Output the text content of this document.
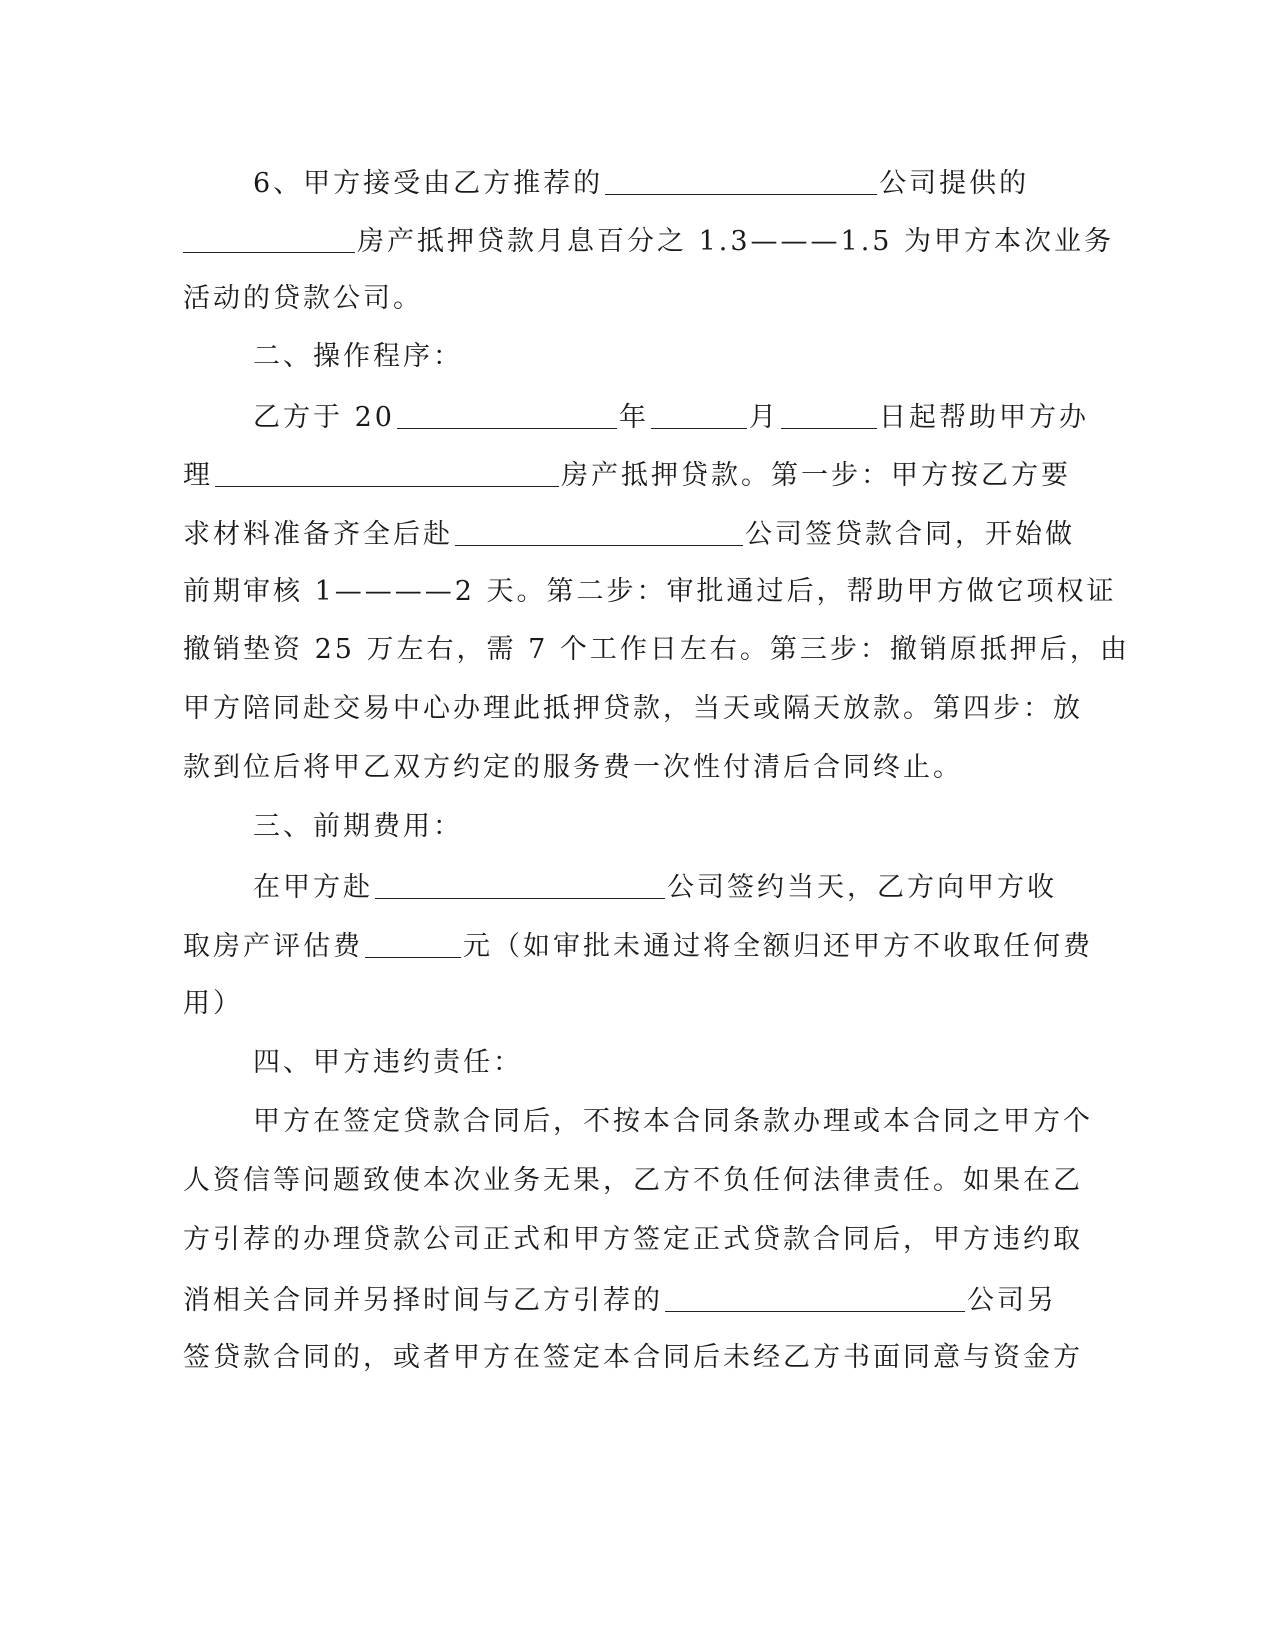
6、甲方接受由乙方推荐的	公司提供的
房产抵押贷款月息百分之 1.3———1.5 为甲方本次业务
活动的贷款公司。
二、操作程序：
乙方于 20	年	月	日起帮助甲方办
理	房产抵押贷款。第一步：甲方按乙方要
求材料准备齐全后赴	公司签贷款合同，开始做
前期审核 1————2 天。第二步：审批通过后，帮助甲方做它项权证
撤销垫资 25 万左右，需 7 个工作日左右。第三步：撤销原抵押后，由
甲方陪同赴交易中心办理此抵押贷款，当天或隔天放款。第四步：放
款到位后将甲乙双方约定的服务费一次性付清后合同终止。
三、前期费用：
在甲方赴	公司签约当天，乙方向甲方收
取房产评估费	元（如审批未通过将全额归还甲方不收取任何费
用）
四、甲方违约责任：
甲方在签定贷款合同后，不按本合同条款办理或本合同之甲方个
人资信等问题致使本次业务无果，乙方不负任何法律责任。如果在乙
方引荐的办理贷款公司正式和甲方签定正式贷款合同后，甲方违约取
消相关合同并另择时间与乙方引荐的	公司另
签贷款合同的，或者甲方在签定本合同后未经乙方书面同意与资金方
